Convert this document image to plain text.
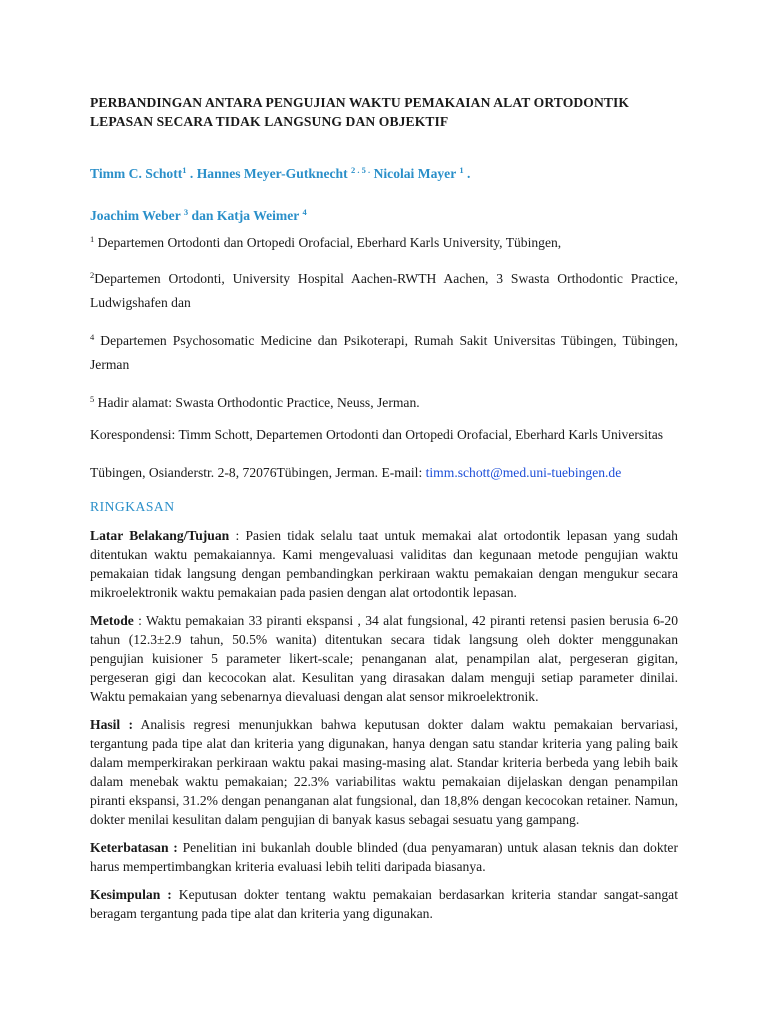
PERBANDINGAN ANTARA PENGUJIAN WAKTU PEMAKAIAN ALAT ORTODONTIK
LEPASAN SECARA TIDAK LANGSUNG DAN OBJEKTIF

Timm C. Schott$^1$ . Hannes Meyer-Gutknecht $^{2 . 5 .}$ Nicolai Mayer $^1$ .

Joachim Weber $^3$ dan Katja Weimer $^4$

$^1$ Departemen Ortodonti dan Ortopedi Orofacial, Eberhard Karls University, Tübingen,

$^2$Departemen Ortodonti, University Hospital Aachen-RWTH Aachen, 3 Swasta Orthodontic Practice, Ludwigshafen dan

$^4$ Departemen Psychosomatic Medicine dan Psikoterapi, Rumah Sakit Universitas Tübingen, Tübingen, Jerman

$^5$ Hadir alamat: Swasta Orthodontic Practice, Neuss, Jerman.

Korespondensi: Timm Schott, Departemen Ortodonti dan Ortopedi Orofacial, Eberhard Karls Universitas

Tübingen, Osianderstr. 2-8, 72076Tübingen, Jerman. E-mail: timm.schott@med.uni-tuebingen.de

RINGKASAN

Latar Belakang/Tujuan : Pasien tidak selalu taat untuk memakai alat ortodontik lepasan yang sudah ditentukan waktu pemakaiannya. Kami mengevaluasi validitas dan kegunaan metode pengujian waktu pemakaian tidak langsung dengan pembandingkan perkiraan waktu pemakaian dengan mengukur secara mikroelektronik waktu pemakaian pada pasien dengan alat ortodontik lepasan.

Metode : Waktu pemakaian 33 piranti ekspansi , 34 alat fungsional, 42 piranti retensi pasien berusia 6-20 tahun (12.3±2.9 tahun, 50.5% wanita) ditentukan secara tidak langsung oleh dokter menggunakan pengujian kuisioner 5 parameter likert-scale; penanganan alat, penampilan alat, pergeseran gigitan, pergeseran gigi dan kecocokan alat. Kesulitan yang dirasakan dalam menguji setiap parameter dinilai. Waktu pemakaian yang sebenarnya dievaluasi dengan alat sensor mikroelektronik.

Hasil : Analisis regresi menunjukkan bahwa keputusan dokter dalam waktu pemakaian bervariasi, tergantung pada tipe alat dan kriteria yang digunakan, hanya dengan satu standar kriteria yang paling baik dalam memperkirakan perkiraan waktu pakai masing-masing alat. Standar kriteria berbeda yang lebih baik dalam menebak waktu pemakaian; 22.3% variabilitas waktu pemakaian dijelaskan dengan penampilan piranti ekspansi, 31.2% dengan penanganan alat fungsional, dan 18,8% dengan kecocokan retainer. Namun, dokter menilai kesulitan dalam pengujian di banyak kasus sebagai sesuatu yang gampang.

Keterbatasan : Penelitian ini bukanlah double blinded (dua penyamaran) untuk alasan teknis dan dokter harus mempertimbangkan kriteria evaluasi lebih teliti daripada biasanya.

Kesimpulan : Keputusan dokter tentang waktu pemakaian berdasarkan kriteria standar sangat-sangat beragam tergantung pada tipe alat dan kriteria yang digunakan.
